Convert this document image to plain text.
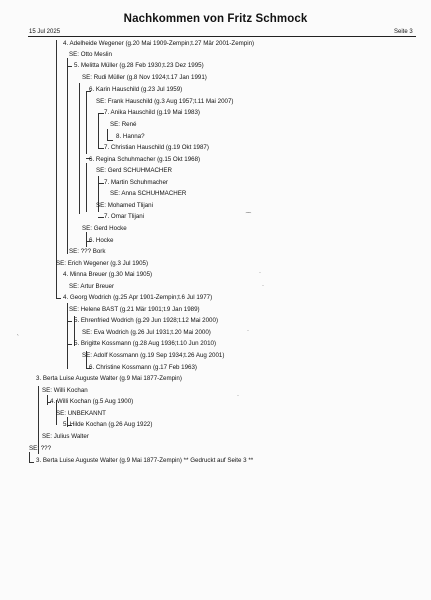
Nachkommen von Fritz Schmock
15 Jul 2025	Seite 3
4. Adelheide Wegener (g.20 Mai 1909-Zempin;t.27 Mär 2001-Zempin)
SE: Otto Meslin
5. Melitta Müller (g.28 Feb 1930;t.23 Dez 1995)
SE: Rudi Müller (g.8 Nov 1924;t.17 Jan 1991)
6. Karin Hauschild (g.23 Jul 1959)
SE: Frank Hauschild (g.3 Aug 1957;t.11 Mai 2007)
7. Anika Hauschild (g.19 Mai 1983)
SE: René
8. Hanna?
7. Christian Hauschild (g.19 Okt 1987)
6. Regina Schuhmacher (g.15 Okt 1968)
SE: Gerd SCHUHMACHER
7. Martin Schuhmacher
SE: Anna SCHUHMACHER
SE: Mohamed Tlijani
7. Omar Tlijani
SE: Gerd Hocke
6. Hocke
SE: ??? Bork
SE: Erich Wegener (g.3 Jul 1905)
4. Minna Breuer (g.30 Mai 1905)
SE: Artur Breuer
4. Georg Wodrich (g.25 Apr 1901-Zempin;t.6 Jul 1977)
SE: Helene BAST (g.21 Mär 1901;t.9 Jan 1989)
5. Ehrenfried Wodrich (g.29 Jun 1928;t.12 Mai 2000)
SE: Eva Wodrich (g.26 Jul 1931;t.20 Mai 2000)
5. Brigitte Kossmann (g.28 Aug 1936;t.10 Jun 2010)
SE: Adolf Kossmann (g.19 Sep 1934;t.26 Aug 2001)
6. Christine Kossmann (g.17 Feb 1963)
3. Berta Luise Auguste Walter (g.9 Mai 1877-Zempin)
SE: Willi Kochan
4. Willi Kochan (g.5 Aug 1900)
SE: UNBEKANNT
5. Hilde Kochan (g.26 Aug 1922)
SE: Julius Walter
SE: ???
3. Berta Luise Auguste Walter (g.9 Mai 1877-Zempin) ** Gedruckt auf Seite 3 **
⁀
·
·
·
ˎ
·
